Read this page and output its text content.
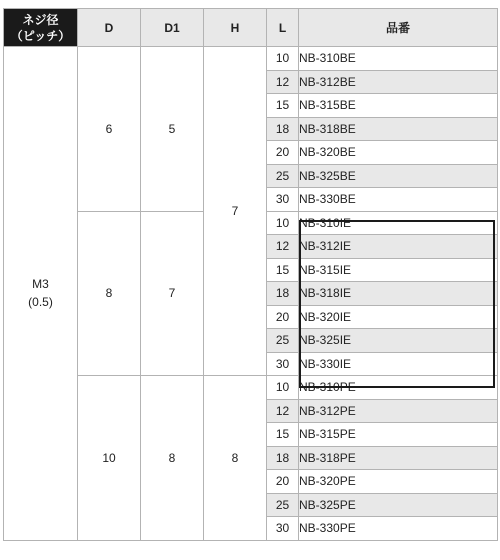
ネジ径
（ピッチ）	D	D1	H	L	品番
M3
(0.5)	6	5	7	10	NB-310BE
				12	NB-312BE
				15	NB-315BE
				18	NB-318BE
				20	NB-320BE
				25	NB-325BE
				30	NB-330BE
	8	7		10	NB-310IE
				12	NB-312IE
				15	NB-315IE
				18	NB-318IE
				20	NB-320IE
				25	NB-325IE
				30	NB-330IE
	10	8	8	10	NB-310PE
				12	NB-312PE
				15	NB-315PE
				18	NB-318PE
				20	NB-320PE
				25	NB-325PE
				30	NB-330PE
